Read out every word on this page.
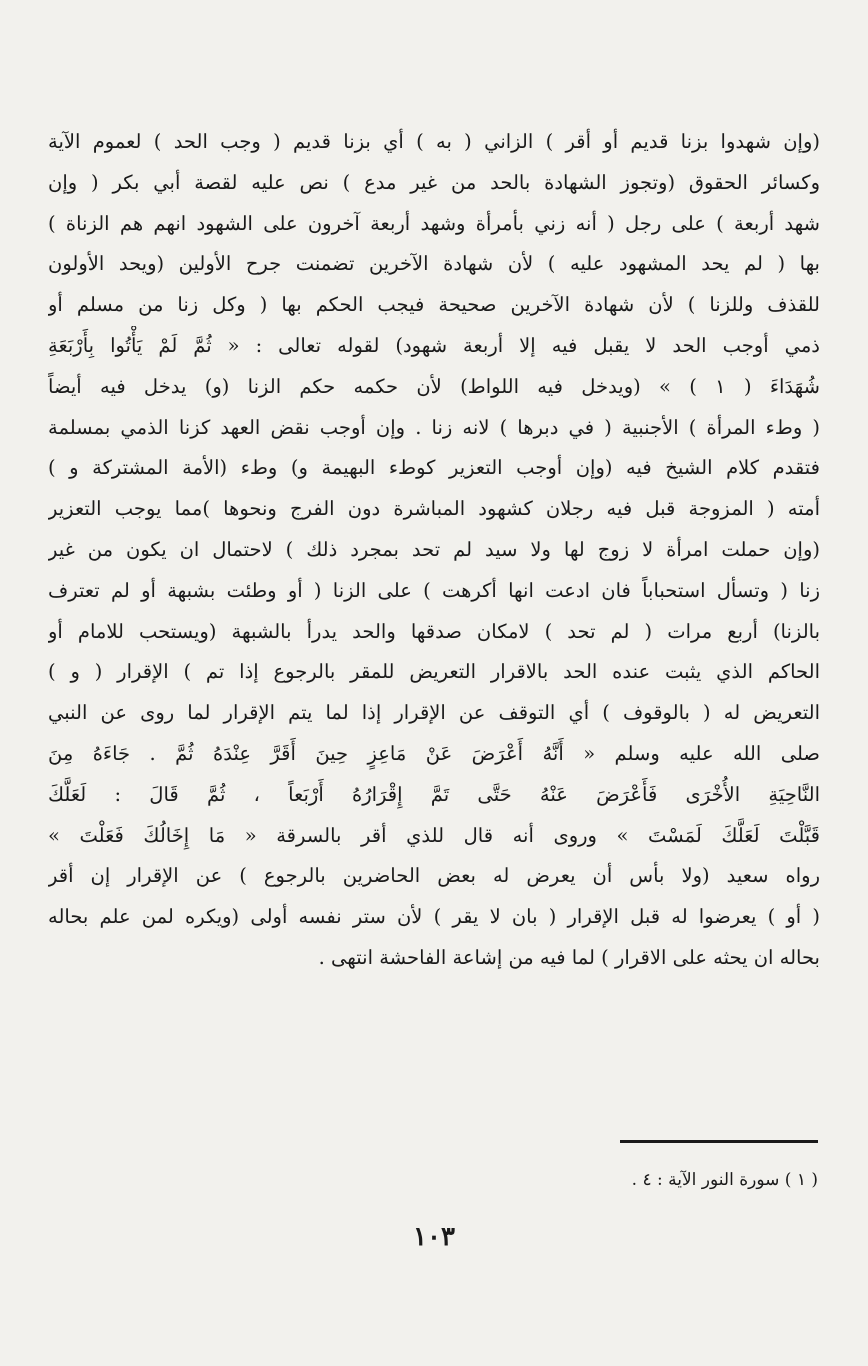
(وإن شهدوا بزنا قديم أو أقر ) الزاني ( به ) أي بزنا قديم ( وجب الحد ) لعموم الآية
وكسائر الحقوق (وتجوز الشهادة بالحد من غير مدع ) نص عليه لقصة أبي بكر ( وإن
شهد أربعة ) على رجل ( أنه زني بأمرأة وشهد أربعة آخرون على الشهود انهم هم الزناة )
بها ( لم يحد المشهود عليه ) لأن شهادة الآخرين تضمنت جرح الأولين (ويحد الأولون
للقذف وللزنا ) لأن شهادة الآخرين صحيحة فيجب الحكم بها ( وكل زنا من مسلم أو
ذمي أوجب الحد لا يقبل فيه إلا أربعة شهود) لقوله تعالى : « ثُمَّ لَمْ يَأْتُوا بِأَرْبَعَةِ
شُهَدَاءَ ( ١ ) » (ويدخل فيه اللواط) لأن حكمه حكم الزنا (و) يدخل فيه أيضاً
( وطء المرأة ) الأجنبية ( في دبرها ) لانه زنا . وإن أوجب نقض العهد كزنا الذمي بمسلمة
فتقدم كلام الشيخ فيه (وإن أوجب التعزير كوطء البهيمة و) وطء (الأمة المشتركة و )
أمته ( المزوجة قبل فيه رجلان كشهود المباشرة دون الفرج ونحوها )مما يوجب التعزير
(وإن حملت امرأة لا زوج لها ولا سيد لم تحد بمجرد ذلك ) لاحتمال ان يكون من غير
زنا ( وتسأل استحباباً فان ادعت انها أكرهت ) على الزنا ( أو وطئت بشبهة أو لم تعترف
بالزنا) أربع مرات ( لم تحد ) لامكان صدقها والحد يدرأ بالشبهة (ويستحب للامام أو
الحاكم الذي يثبت عنده الحد بالاقرار التعريض للمقر بالرجوع إذا تم ) الإقرار ( و )
التعريض له ( بالوقوف ) أي التوقف عن الإقرار إذا لما يتم الإقرار لما روى عن النبي
صلى الله عليه وسلم « أَنَّهُ أَعْرَضَ عَنْ مَاعِزٍ حِينَ أَقَرَّ عِنْدَهُ ثُمَّ . جَاءَهُ مِنَ
النَّاحِيَةِ الأُخْرَى فَأَعْرَضَ عَنْهُ حَتَّى تَمَّ إِقْرَارُهُ أَرْبَعاً ، ثُمَّ قَالَ : لَعَلَّكَ
قَبَّلْتَ لَعَلَّكَ لَمَسْتَ » وروى أنه قال للذي أقر بالسرقة « مَا إِخَالُكَ فَعَلْتَ »
رواه سعيد (ولا بأس أن يعرض له بعض الحاضرين بالرجوع ) عن الإقرار إن أقر
( أو ) يعرضوا له قبل الإقرار ( بان لا يقر ) لأن ستر نفسه أولى (ويكره لمن علم بحاله
بحاله ان يحثه على الاقرار ) لما فيه من إشاعة الفاحشة انتهى .
( ١ ) سورة النور الآية : ٤ .
١٠٣
